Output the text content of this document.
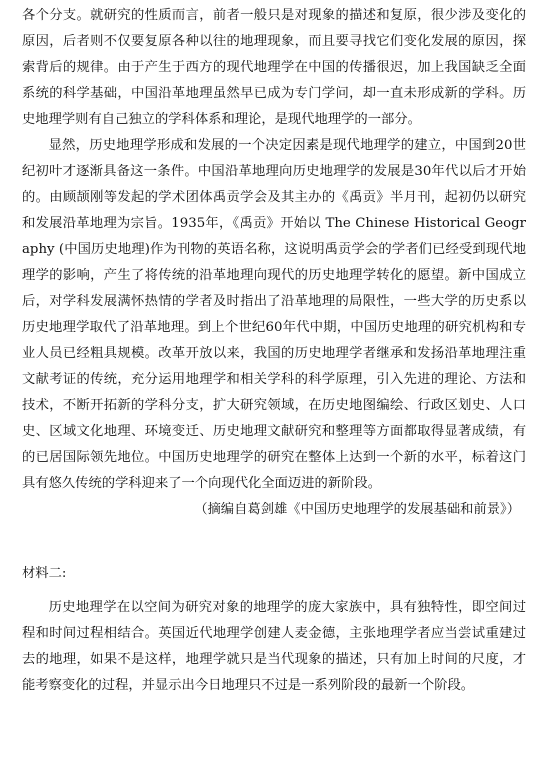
各个分支。就研究的性质而言，前者一般只是对现象的描述和复原，很少涉及变化的原因，后者则不仅要复原各种以往的地理现象，而且要寻找它们变化发展的原因，探索背后的规律。由于产生于西方的现代地理学在中国的传播很迟，加上我国缺乏全面系统的科学基础，中国沿革地理虽然早已成为专门学问，却一直未形成新的学科。历史地理学则有自己独立的学科体系和理论，是现代地理学的一部分。

显然，历史地理学形成和发展的一个决定因素是现代地理学的建立，中国到20世纪初叶才逐渐具备这一条件。中国沿革地理向历史地理学的发展是30年代以后才开始的。由顾颉刚等发起的学术团体禹贡学会及其主办的《禹贡》半月刊，起初仍以研究和发展沿革地理为宗旨。1935年，《禹贡》开始以 The Chinese Historical Geography (中国历史地理)作为刊物的英语名称，这说明禹贡学会的学者们已经受到现代地理学的影响，产生了将传统的沿革地理向现代的历史地理学转化的愿望。新中国成立后，对学科发展满怀热情的学者及时指出了沿革地理的局限性，一些大学的历史系以历史地理学取代了沿革地理。到上个世纪60年代中期，中国历史地理的研究机构和专业人员已经粗具规模。改革开放以来，我国的历史地理学者继承和发扬沿革地理注重文献考证的传统，充分运用地理学和相关学科的科学原理，引入先进的理论、方法和技术，不断开拓新的学科分支，扩大研究领域，在历史地图编绘、行政区划史、人口史、区域文化地理、环境变迁、历史地理文献研究和整理等方面都取得显著成绩，有的已居国际领先地位。中国历史地理学的研究在整体上达到一个新的水平，标着这门具有悠久传统的学科迎来了一个向现代化全面迈进的新阶段。

（摘编自葛剑雄《中国历史地理学的发展基础和前景》）

材料二:

历史地理学在以空间为研究对象的地理学的庞大家族中，具有独特性，即空间过程和时间过程相结合。英国近代地理学创建人麦金德，主张地理学者应当尝试重建过去的地理，如果不是这样，地理学就只是当代现象的描述，只有加上时间的尺度，才能考察变化的过程，并显示出今日地理只不过是一系列阶段的最新一个阶段。
